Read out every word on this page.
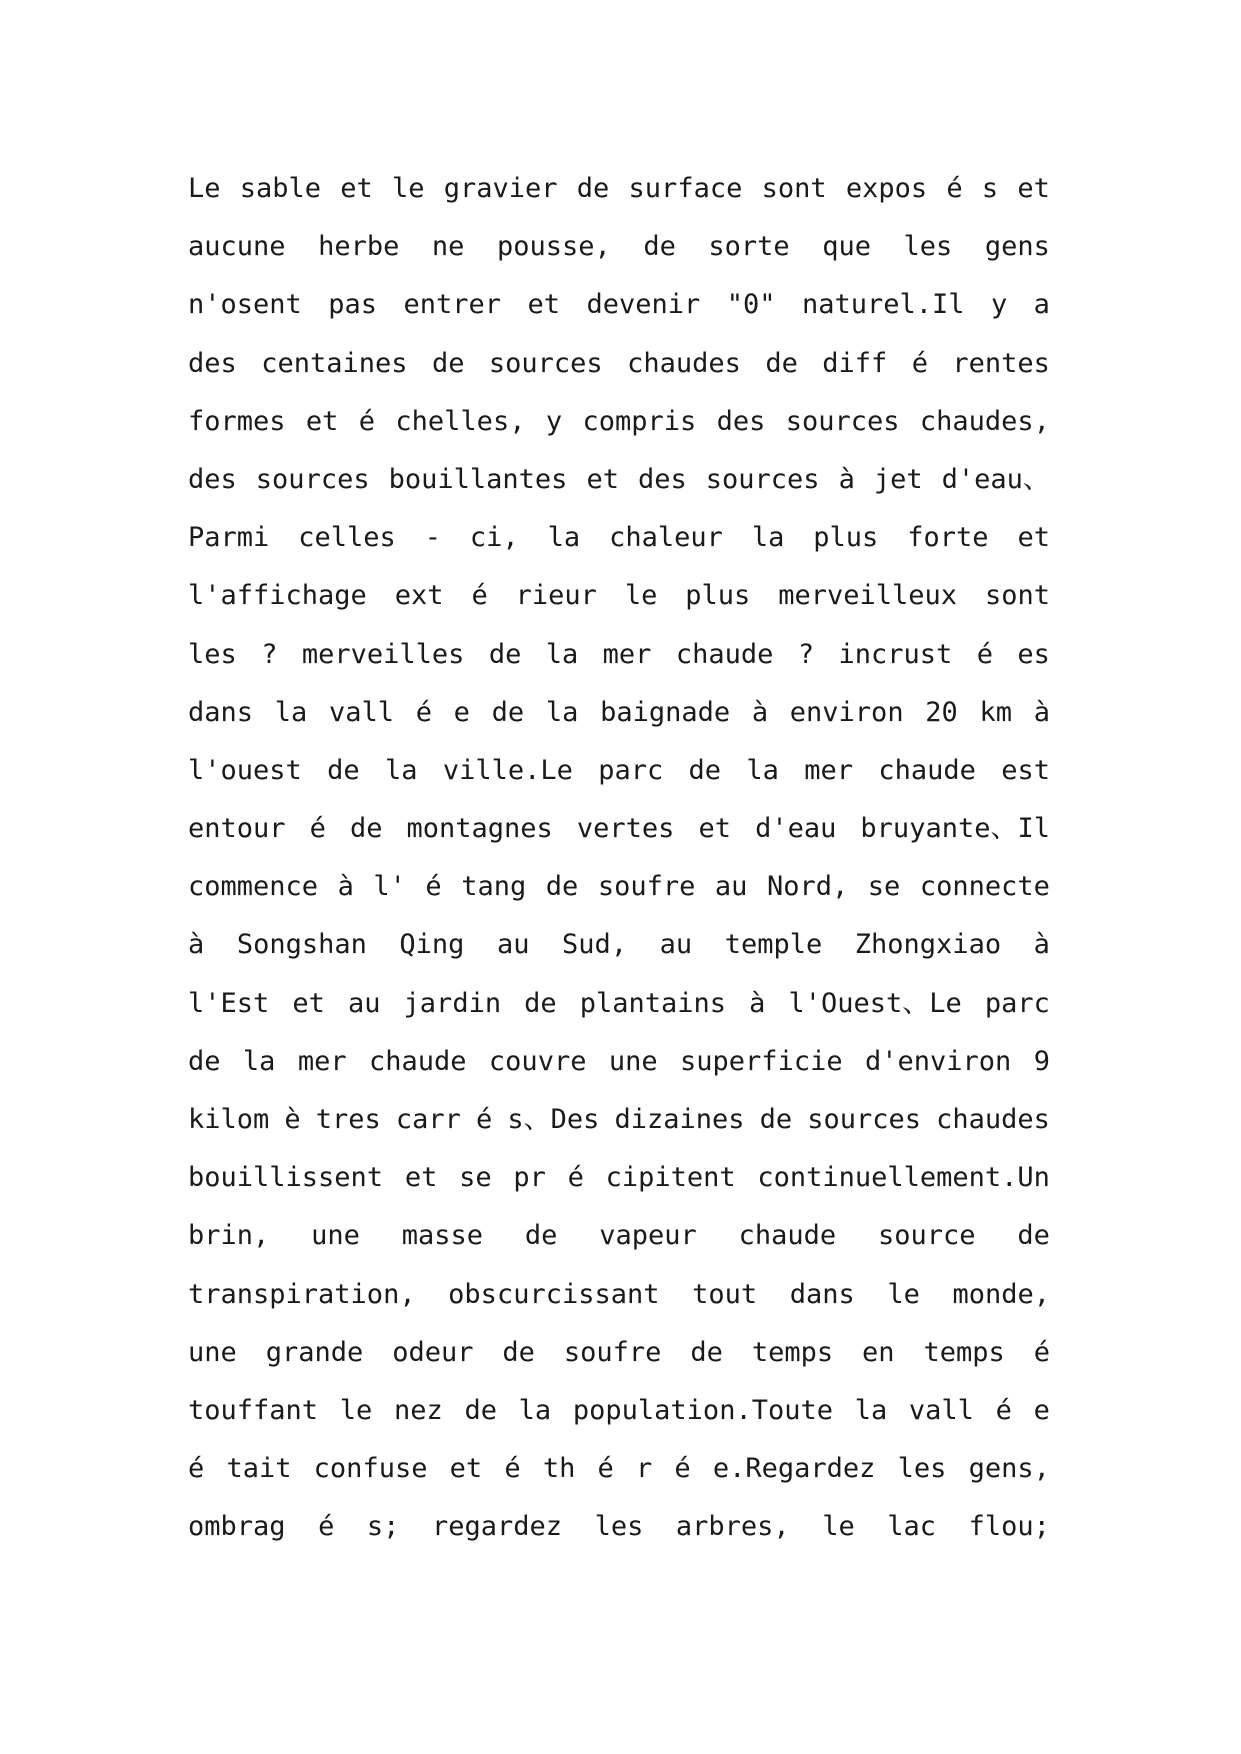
Le sable et le gravier de surface sont expos é s et
aucune herbe ne pousse, de sorte que les gens
n'osent pas entrer et devenir "0" naturel.Il y a
des centaines de sources chaudes de diff é rentes
formes et é chelles, y compris des sources chaudes,
des sources bouillantes et des sources à jet d'eau、
Parmi celles - ci, la chaleur la plus forte et
l'affichage ext é rieur le plus merveilleux sont
les ? merveilles de la mer chaude ? incrust é es
dans la vall é e de la baignade à environ 20 km à
l'ouest de la ville.Le parc de la mer chaude est
entour é de montagnes vertes et d'eau bruyante、Il
commence à l' é tang de soufre au Nord, se connecte
à Songshan Qing au Sud, au temple Zhongxiao à
l'Est et au jardin de plantains à l'Ouest、Le parc
de la mer chaude couvre une superficie d'environ 9
kilom è tres carr é s、Des dizaines de sources chaudes
bouillissent et se pr é cipitent continuellement.Un
brin, une masse de vapeur chaude source de
transpiration, obscurcissant tout dans le monde,
une grande odeur de soufre de temps en temps é
touffant le nez de la population.Toute la vall é e
é tait confuse et é th é r é e.Regardez les gens,
ombrag é s; regardez les arbres, le lac flou;
